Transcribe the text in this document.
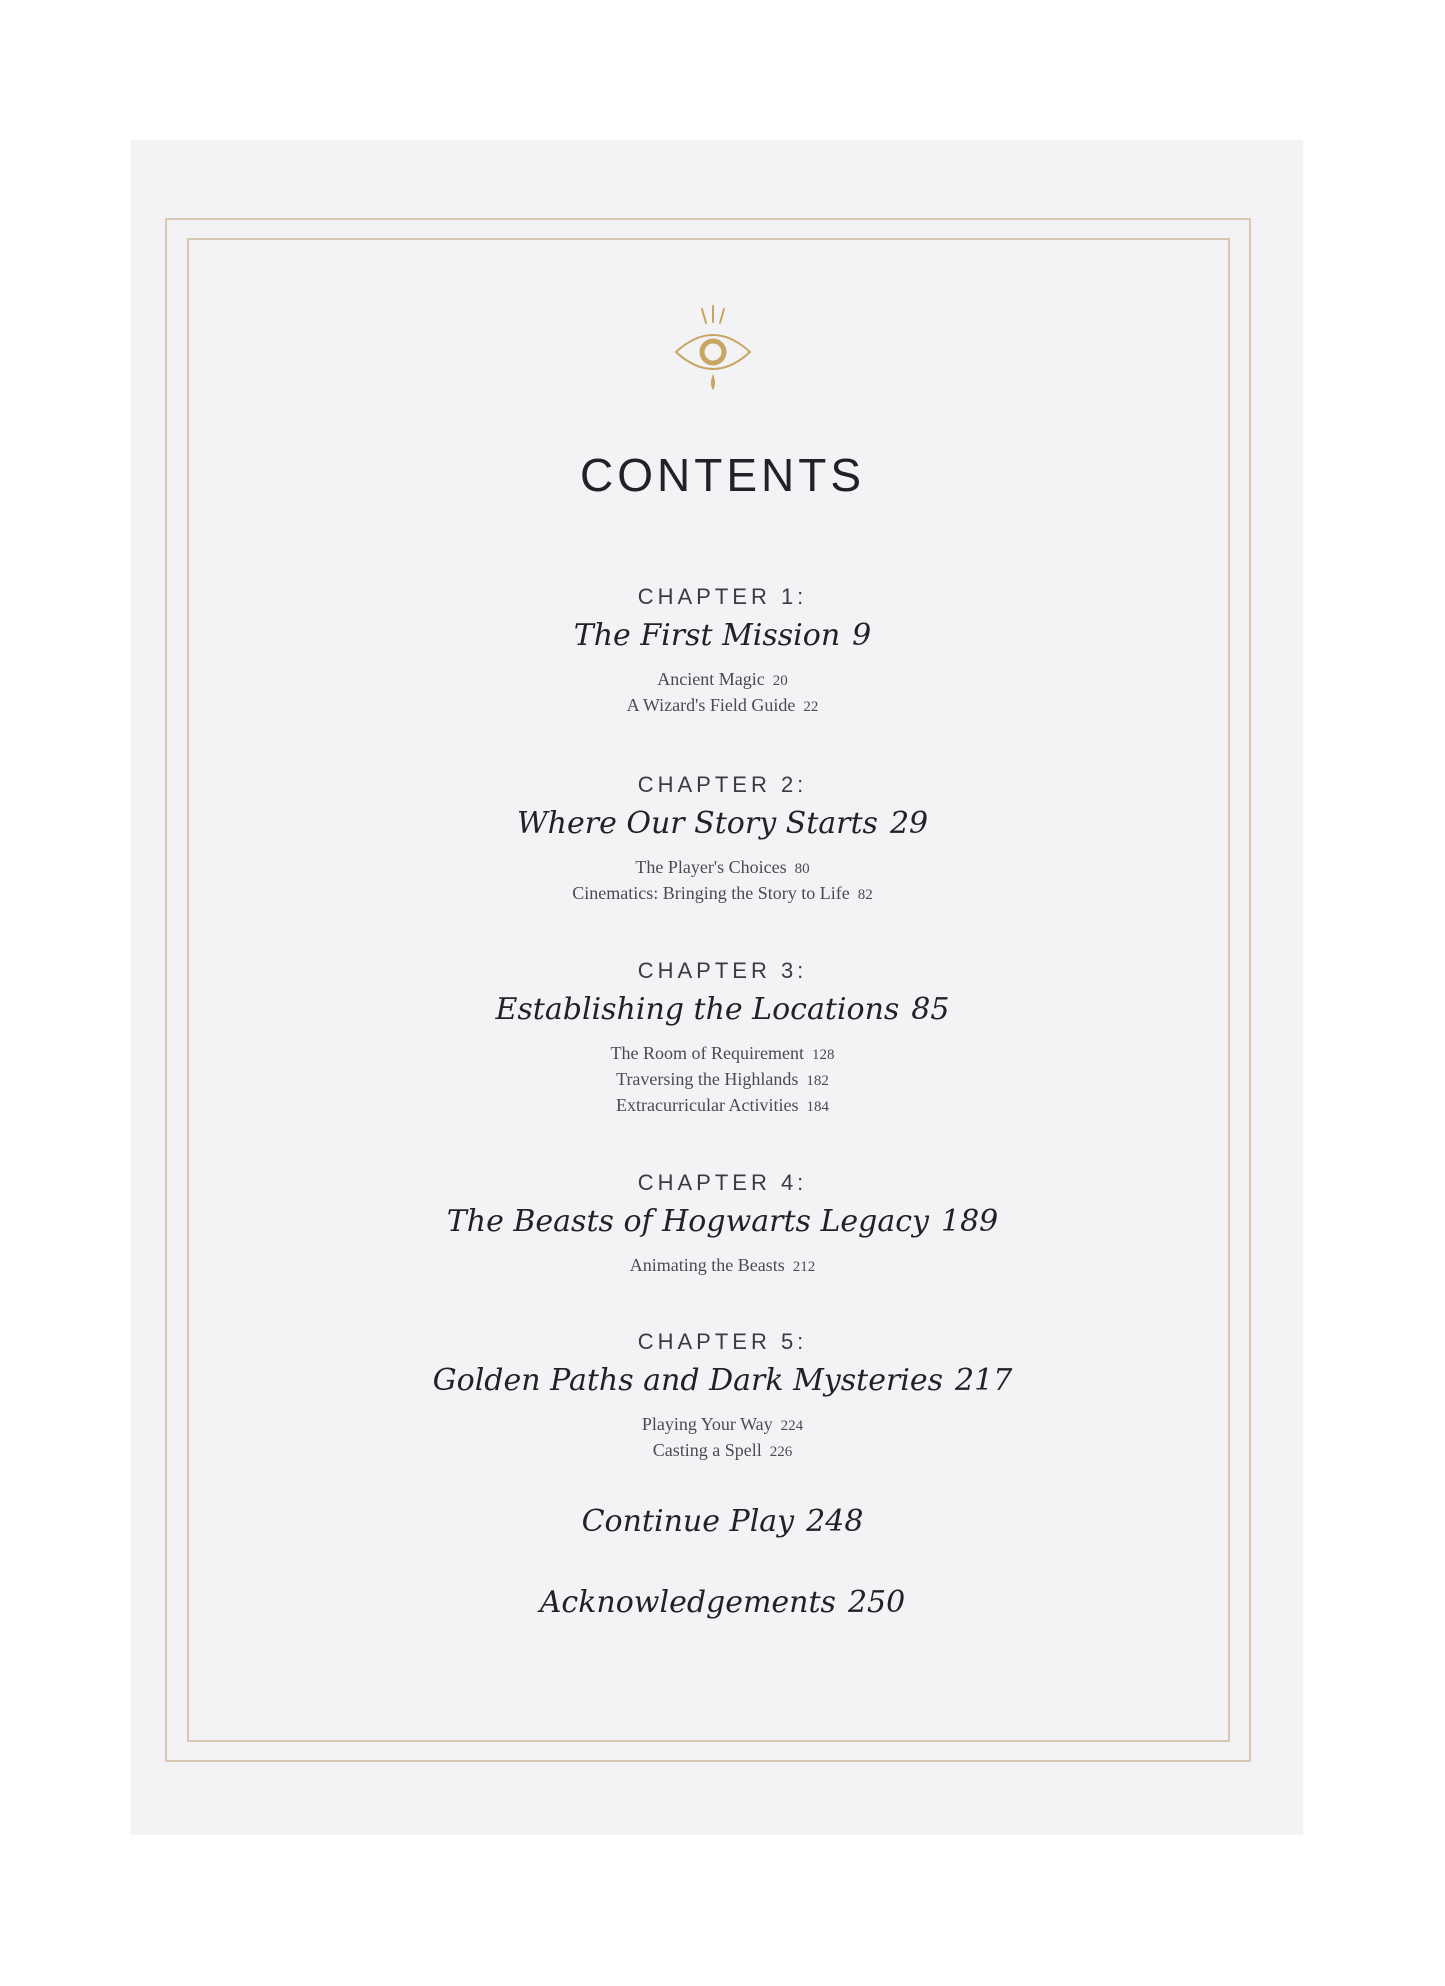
CONTENTS
CHAPTER 1:
The First Mission 9
Ancient Magic 20
A Wizard's Field Guide 22
CHAPTER 2:
Where Our Story Starts 29
The Player's Choices 80
Cinematics: Bringing the Story to Life 82
CHAPTER 3:
Establishing the Locations 85
The Room of Requirement 128
Traversing the Highlands 182
Extracurricular Activities 184
CHAPTER 4:
The Beasts of Hogwarts Legacy 189
Animating the Beasts 212
CHAPTER 5:
Golden Paths and Dark Mysteries 217
Playing Your Way 224
Casting a Spell 226
Continue Play 248
Acknowledgements 250
